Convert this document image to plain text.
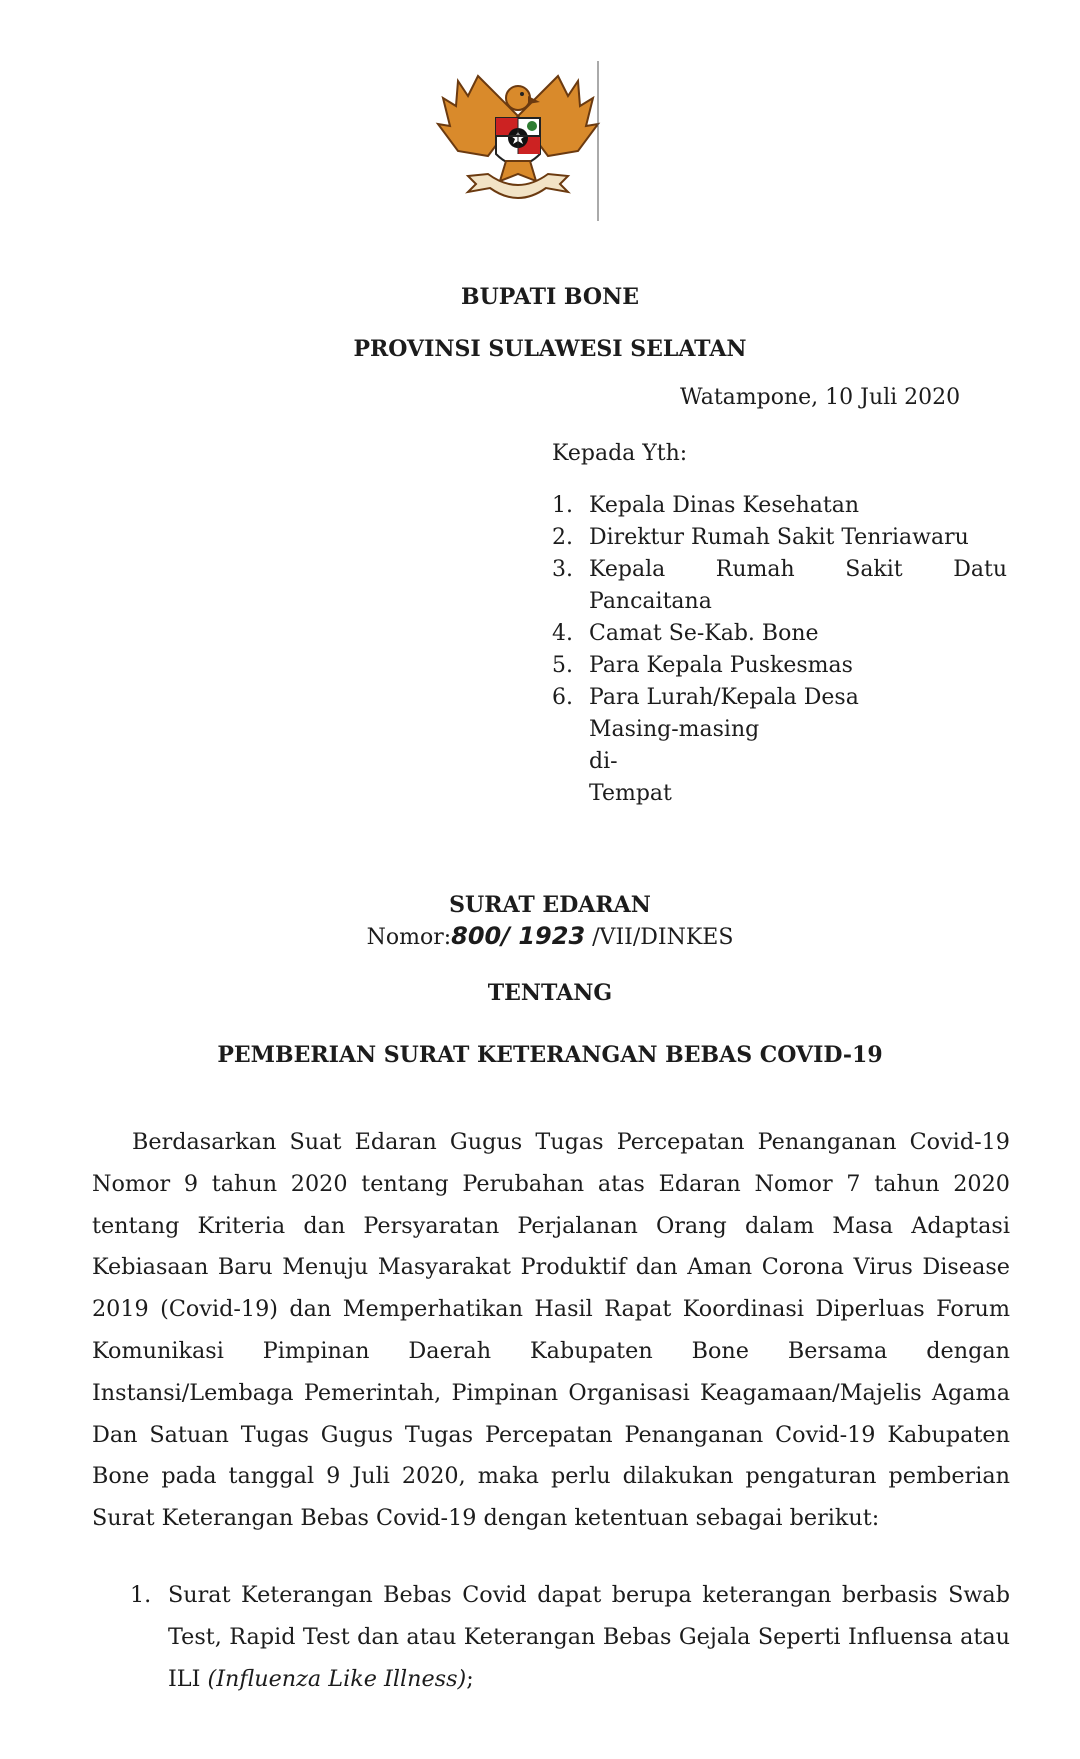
BUPATI BONE
PROVINSI SULAWESI SELATAN
Watampone, 10 Juli 2020
Kepada Yth:
1. Kepala Dinas Kesehatan
2. Direktur Rumah Sakit Tenriawaru
3. Kepala Rumah Sakit Datu
Pancaitana
4. Camat Se-Kab. Bone
5. Para Kepala Puskesmas
6. Para Lurah/Kepala Desa
Masing-masing
di-
Tempat
SURAT EDARAN
Nomor:800/ 1923 /VII/DINKES
TENTANG
PEMBERIAN SURAT KETERANGAN BEBAS COVID-19

Berdasarkan Suat Edaran Gugus Tugas Percepatan Penanganan Covid-19 Nomor 9 tahun 2020 tentang Perubahan atas Edaran Nomor 7 tahun 2020 tentang Kriteria dan Persyaratan Perjalanan Orang dalam Masa Adaptasi Kebiasaan Baru Menuju Masyarakat Produktif dan Aman Corona Virus Disease 2019 (Covid-19) dan Memperhatikan Hasil Rapat Koordinasi Diperluas Forum Komunikasi Pimpinan Daerah Kabupaten Bone Bersama dengan Instansi/Lembaga Pemerintah, Pimpinan Organisasi Keagamaan/Majelis Agama Dan Satuan Tugas Gugus Tugas Percepatan Penanganan Covid-19 Kabupaten Bone pada tanggal 9 Juli 2020, maka perlu dilakukan pengaturan pemberian Surat Keterangan Bebas Covid-19 dengan ketentuan sebagai berikut:

1. Surat Keterangan Bebas Covid dapat berupa keterangan berbasis Swab Test, Rapid Test dan atau Keterangan Bebas Gejala Seperti Influensa atau ILI (Influenza Like Illness);
